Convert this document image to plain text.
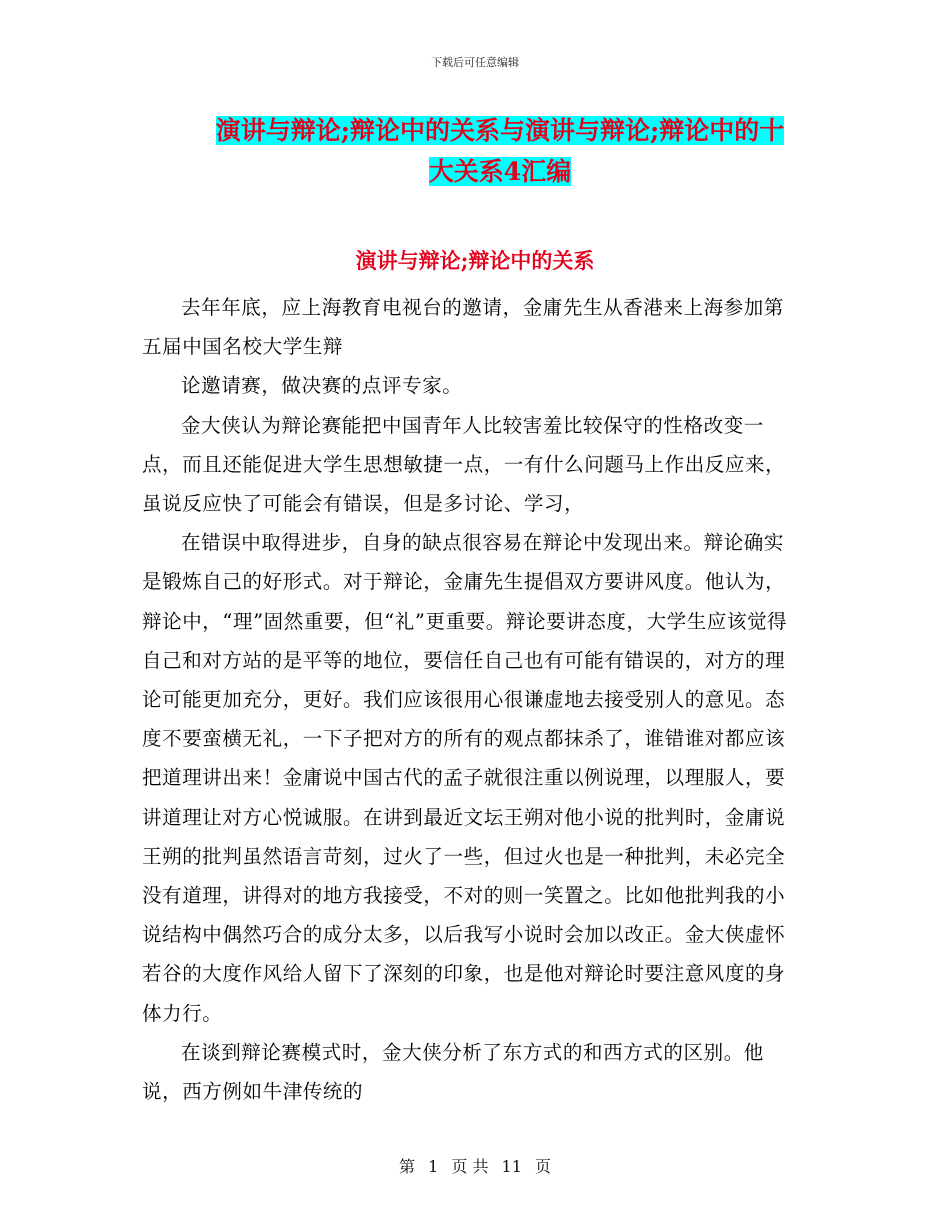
下载后可任意编辑
演讲与辩论;辩论中的关系与演讲与辩论;辩论中的十
大关系4汇编
演讲与辩论;辩论中的关系

去年年底，应上海教育电视台的邀请，金庸先生从香港来上海参加第五届中国名校大学生辩

论邀请赛，做决赛的点评专家。

金大侠认为辩论赛能把中国青年人比较害羞比较保守的性格改变一点，而且还能促进大学生思想敏捷一点，一有什么问题马上作出反应来，虽说反应快了可能会有错误，但是多讨论、学习，

在错误中取得进步，自身的缺点很容易在辩论中发现出来。辩论确实是锻炼自己的好形式。对于辩论，金庸先生提倡双方要讲风度。他认为，辩论中，“理”固然重要，但“礼”更重要。辩论要讲态度，大学生应该觉得自己和对方站的是平等的地位，要信任自己也有可能有错误的，对方的理论可能更加充分，更好。我们应该很用心很谦虚地去接受别人的意见。态度不要蛮横无礼，一下子把对方的所有的观点都抹杀了，谁错谁对都应该把道理讲出来！金庸说中国古代的孟子就很注重以例说理，以理服人，要讲道理让对方心悦诚服。在讲到最近文坛王朔对他小说的批判时，金庸说王朔的批判虽然语言苛刻，过火了一些，但过火也是一种批判，未必完全没有道理，讲得对的地方我接受，不对的则一笑置之。比如他批判我的小说结构中偶然巧合的成分太多，以后我写小说时会加以改正。金大侠虚怀若谷的大度作风给人留下了深刻的印象，也是他对辩论时要注意风度的身体力行。

在谈到辩论赛模式时，金大侠分析了东方式的和西方式的区别。他说，西方例如牛津传统的

第 1 页 共 11 页
